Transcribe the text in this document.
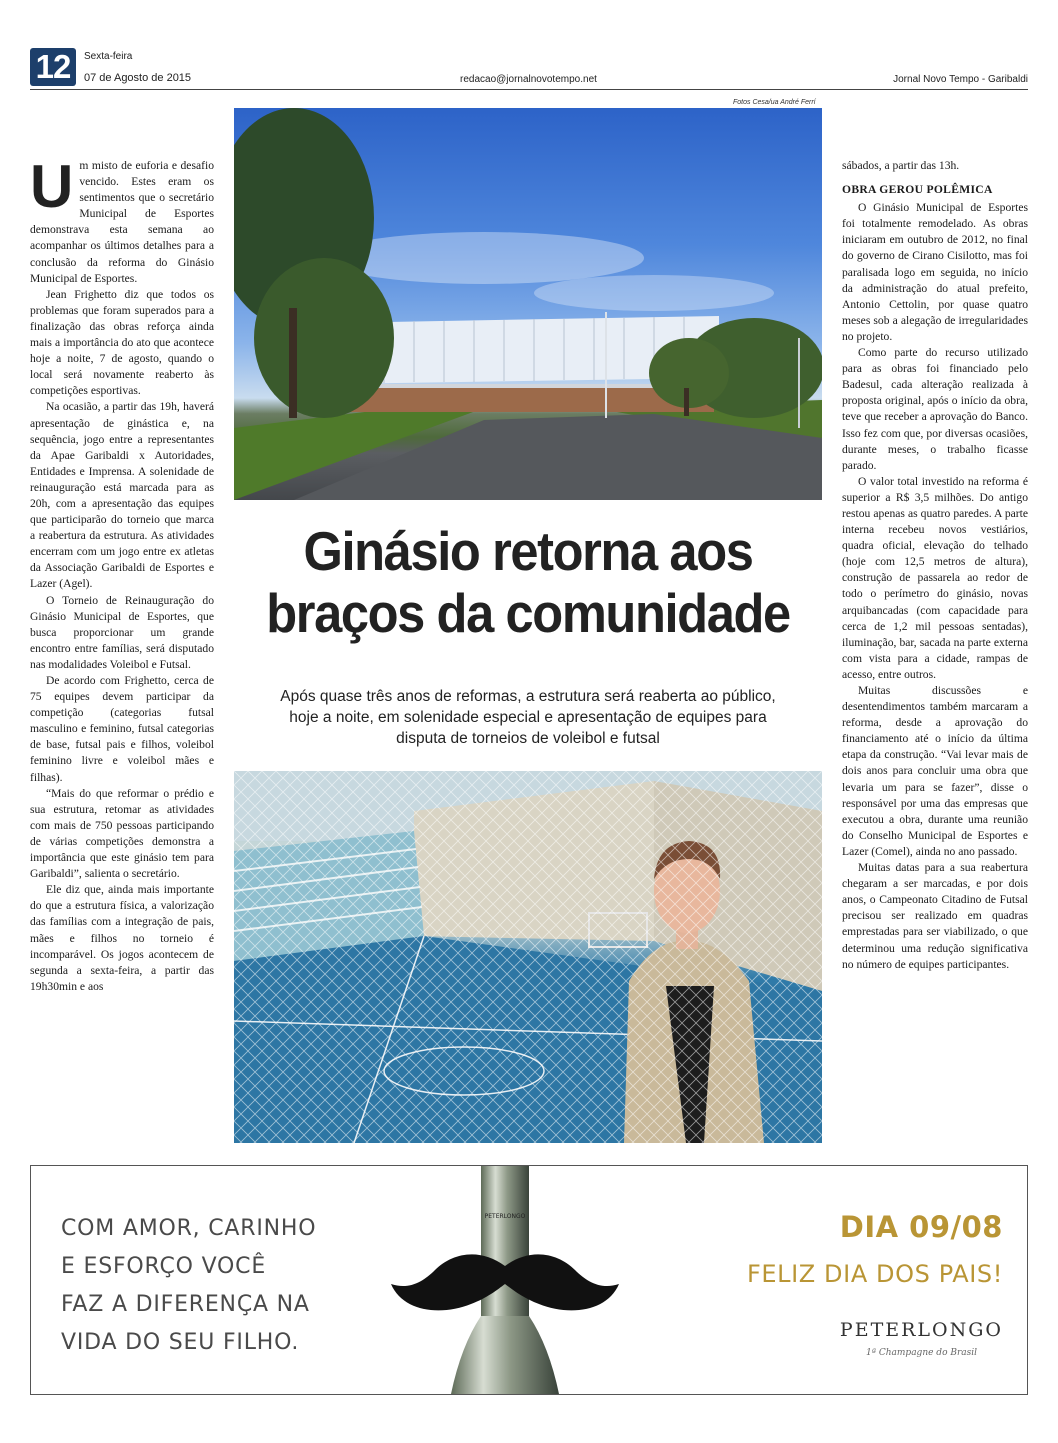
12	Sexta-feira
07 de Agosto de 2015	redacao@jornalnovotempo.net	Jornal Novo Tempo - Garibaldi
U m misto de euforia e desafio vencido. Estes eram os sentimentos que o secretário Municipal de Esportes demonstrava esta semana ao acompanhar os últimos detalhes para a conclusão da reforma do Ginásio Municipal de Esportes.

Jean Frighetto diz que todos os problemas que foram superados para a finalização das obras reforça ainda mais a importância do ato que acontece hoje a noite, 7 de agosto, quando o local será novamente reaberto às competições esportivas.

Na ocasião, a partir das 19h, haverá apresentação de ginástica e, na sequência, jogo entre a representantes da Apae Garibaldi x Autoridades, Entidades e Imprensa. A solenidade de reinauguração está marcada para as 20h, com a apresentação das equipes que participarão do torneio que marca a reabertura da estrutura. As atividades encerram com um jogo entre ex atletas da Associação Garibaldi de Esportes e Lazer (Agel).

O Torneio de Reinauguração do Ginásio Municipal de Esportes, que busca proporcionar um grande encontro entre famílias, será disputado nas modalidades Voleibol e Futsal.

De acordo com Frighetto, cerca de 75 equipes devem participar da competição (categorias futsal masculino e feminino, futsal categorias de base, futsal pais e filhos, voleibol feminino livre e voleibol mães e filhas).

“Mais do que reformar o prédio e sua estrutura, retomar as atividades com mais de 750 pessoas participando de várias competições demonstra a importância que este ginásio tem para Garibaldi”, salienta o secretário.

Ele diz que, ainda mais importante do que a estrutura física, a valorização das famílias com a integração de pais, mães e filhos no torneio é incomparável. Os jogos acontecem de segunda a sexta-feira, a partir das 19h30min e aos

Fotos Cesa/ua André Ferrí
Ginásio retorna aos braços da comunidade

Após quase três anos de reformas, a estrutura será reaberta ao público, hoje a noite, em solenidade especial e apresentação de equipes para disputa de torneios de voleibol e futsal

sábados, a partir das 13h.

OBRA GEROU POLÊMICA

O Ginásio Municipal de Esportes foi totalmente remodelado. As obras iniciaram em outubro de 2012, no final do governo de Cirano Cisilotto, mas foi paralisada logo em seguida, no início da administração do atual prefeito, Antonio Cettolin, por quase quatro meses sob a alegação de irregularidades no projeto.

Como parte do recurso utilizado para as obras foi financiado pelo Badesul, cada alteração realizada à proposta original, após o início da obra, teve que receber a aprovação do Banco. Isso fez com que, por diversas ocasiões, durante meses, o trabalho ficasse parado.

O valor total investido na reforma é superior a R$ 3,5 milhões. Do antigo restou apenas as quatro paredes. A parte interna recebeu novos vestiários, quadra oficial, elevação do telhado (hoje com 12,5 metros de altura), construção de passarela ao redor de todo o perímetro do ginásio, novas arquibancadas (com capacidade para cerca de 1,2 mil pessoas sentadas), iluminação, bar, sacada na parte externa com vista para a cidade, rampas de acesso, entre outros.

Muitas discussões e desentendimentos também marcaram a reforma, desde a aprovação do financiamento até o início da última etapa da construção. “Vai levar mais de dois anos para concluir uma obra que levaria um para se fazer”, disse o responsável por uma das empresas que executou a obra, durante uma reunião do Conselho Municipal de Esportes e Lazer (Comel), ainda no ano passado.

Muitas datas para a sua reabertura chegaram a ser marcadas, e por dois anos, o Campeonato Citadino de Futsal precisou ser realizado em quadras emprestadas para ser viabilizado, o que determinou uma redução significativa no número de equipes participantes.

COM AMOR, CARINHO
E ESFORÇO VOCÊ
FAZ A DIFERENÇA NA
VIDA DO SEU FILHO.

PETERLONGO	DIA 09/08

FELIZ DIA DOS PAIS!

PETERLONGO

1ª Champagne do Brasil
